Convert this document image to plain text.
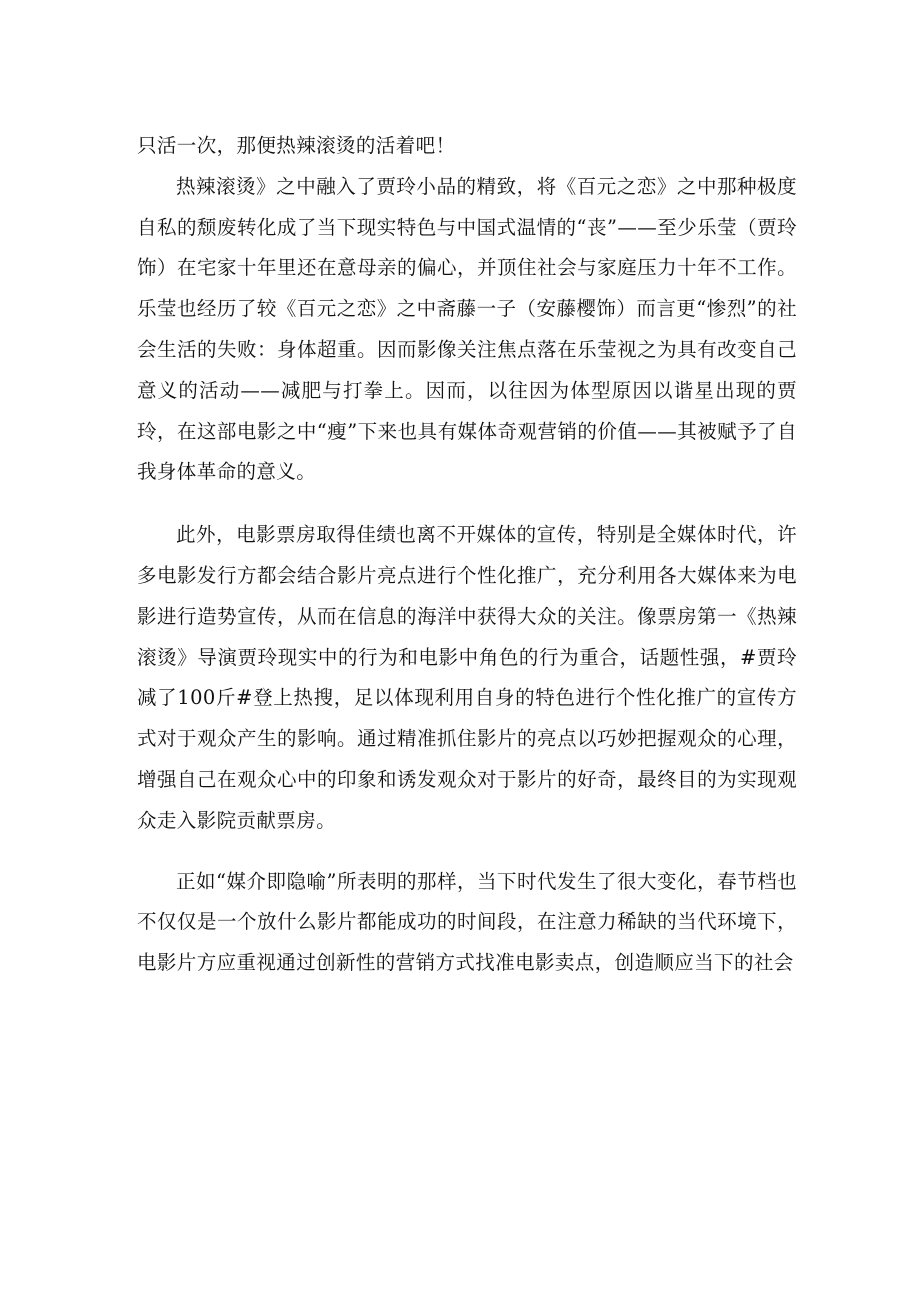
只活一次，那便热辣滚烫的活着吧！

热辣滚烫》之中融入了贾玲小品的精致，将《百元之恋》之中那种极度自私的颓废转化成了当下现实特色与中国式温情的“丧”——至少乐莹（贾玲饰）在宅家十年里还在意母亲的偏心，并顶住社会与家庭压力十年不工作。乐莹也经历了较《百元之恋》之中斋藤一子（安藤樱饰）而言更“惨烈”的社会生活的失败：身体超重。因而影像关注焦点落在乐莹视之为具有改变自己意义的活动——减肥与打拳上。因而，以往因为体型原因以谐星出现的贾玲，在这部电影之中“瘦”下来也具有媒体奇观营销的价值——其被赋予了自我身体革命的意义。

此外，电影票房取得佳绩也离不开媒体的宣传，特别是全媒体时代，许多电影发行方都会结合影片亮点进行个性化推广，充分利用各大媒体来为电影进行造势宣传，从而在信息的海洋中获得大众的关注。像票房第一《热辣滚烫》导演贾玲现实中的行为和电影中角色的行为重合，话题性强，#贾玲减了100斤#登上热搜，足以体现利用自身的特色进行个性化推广的宣传方式对于观众产生的影响。通过精准抓住影片的亮点以巧妙把握观众的心理，增强自己在观众心中的印象和诱发观众对于影片的好奇，最终目的为实现观众走入影院贡献票房。

正如“媒介即隐喻”所表明的那样，当下时代发生了很大变化，春节档也不仅仅是一个放什么影片都能成功的时间段，在注意力稀缺的当代环境下，电影片方应重视通过创新性的营销方式找准电影卖点，创造顺应当下的社会
